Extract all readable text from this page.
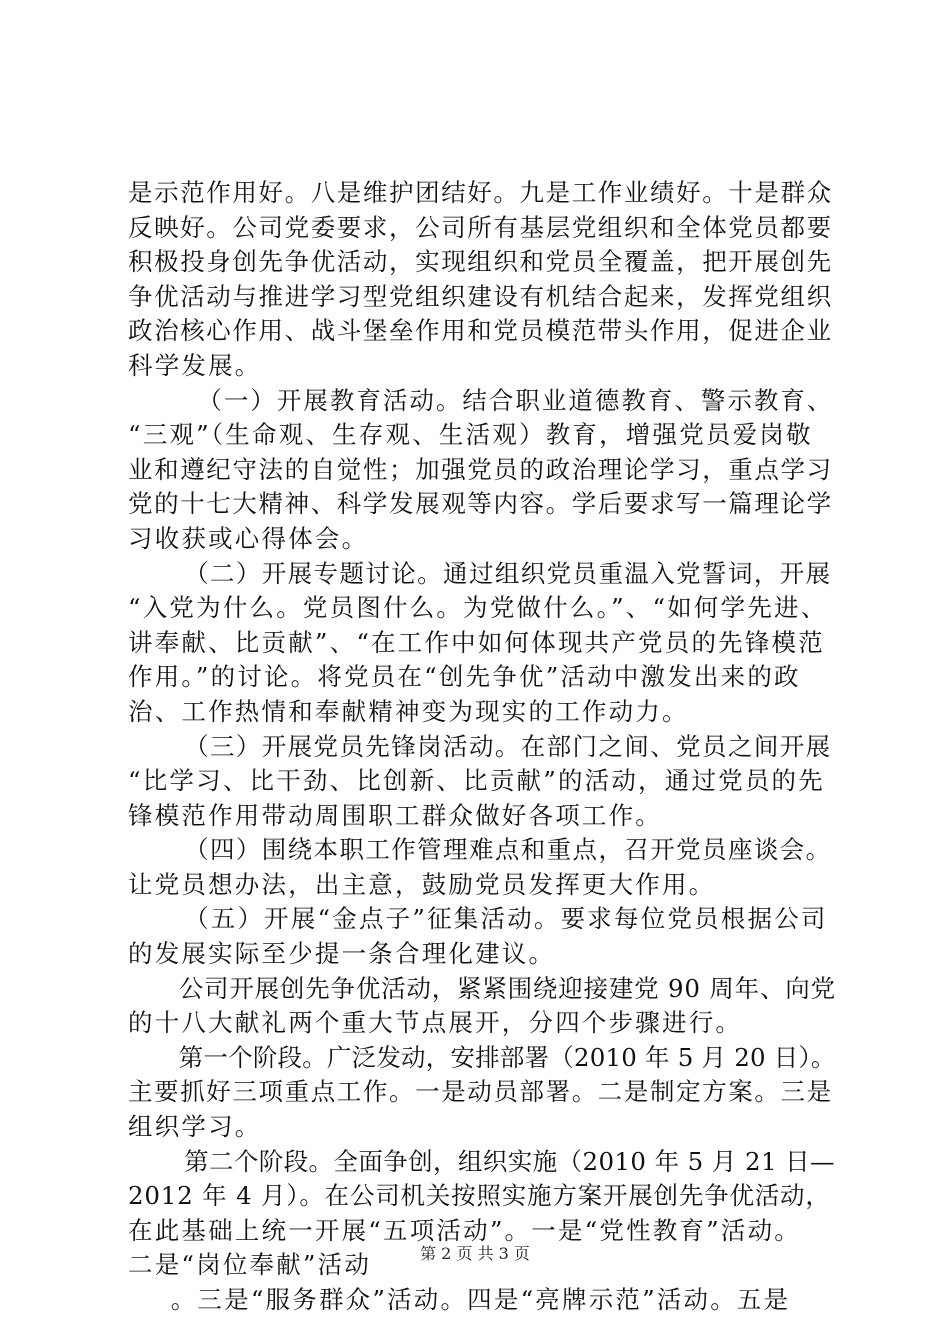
是示范作用好。八是维护团结好。九是工作业绩好。十是群众
反映好。公司党委要求，公司所有基层党组织和全体党员都要
积极投身创先争优活动，实现组织和党员全覆盖，把开展创先
争优活动与推进学习型党组织建设有机结合起来，发挥党组织
政治核心作用、战斗堡垒作用和党员模范带头作用，促进企业
科学发展。
（一）开展教育活动。结合职业道德教育、警示教育、
“三观”（生命观、生存观、生活观）教育，增强党员爱岗敬
业和遵纪守法的自觉性；加强党员的政治理论学习，重点学习
党的十七大精神、科学发展观等内容。学后要求写一篇理论学
习收获或心得体会。
（二）开展专题讨论。通过组织党员重温入党誓词，开展
“入党为什么。党员图什么。为党做什么。”、“如何学先进、
讲奉献、比贡献”、“在工作中如何体现共产党员的先锋模范
作用。”的讨论。将党员在“创先争优”活动中激发出来的政
治、工作热情和奉献精神变为现实的工作动力。
（三）开展党员先锋岗活动。在部门之间、党员之间开展
“比学习、比干劲、比创新、比贡献”的活动，通过党员的先
锋模范作用带动周围职工群众做好各项工作。
（四）围绕本职工作管理难点和重点，召开党员座谈会。
让党员想办法，出主意，鼓励党员发挥更大作用。
（五）开展“金点子”征集活动。要求每位党员根据公司
的发展实际至少提一条合理化建议。
公司开展创先争优活动，紧紧围绕迎接建党 90 周年、向党
的十八大献礼两个重大节点展开，分四个步骤进行。
第一个阶段。广泛发动，安排部署（2010 年 5 月 20 日）。
主要抓好三项重点工作。一是动员部署。二是制定方案。三是
组织学习。
第二个阶段。全面争创，组织实施（2010 年 5 月 21 日—
2012 年 4 月）。在公司机关按照实施方案开展创先争优活动，
在此基础上统一开展“五项活动”。一是“党性教育”活动。
二是“岗位奉献”活动
。三是“服务群众”活动。四是“亮牌示范”活动。五是
第 2 页 共 3 页
